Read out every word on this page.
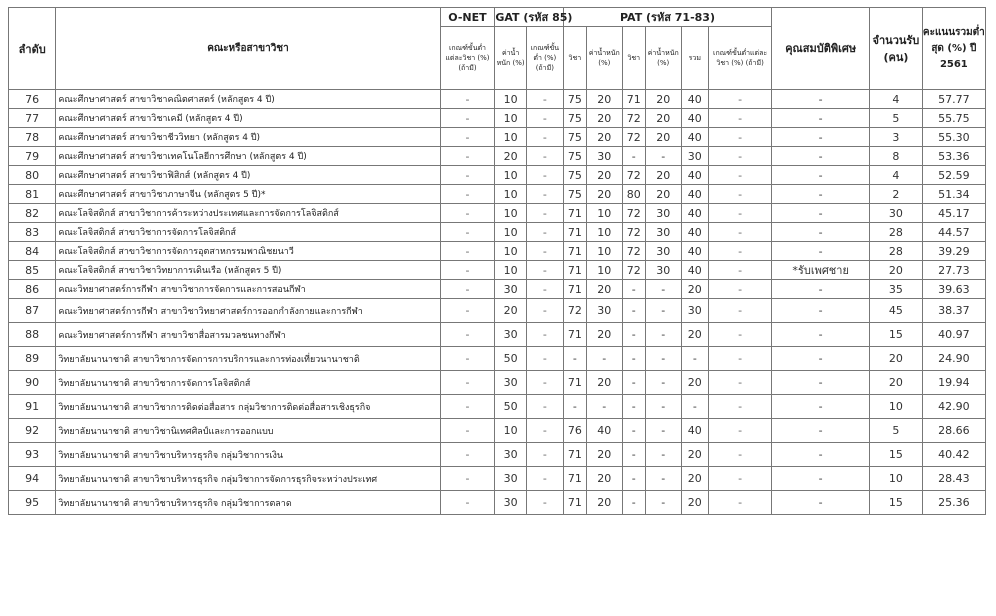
ลำดับ	คณะหรือสาขาวิชา	O-NET	GAT (รหัส 85)		PAT (รหัส 71-83)						คุณสมบัติพิเศษ	จำนวนรับ (คน)	คะแนนรวมต่ำสุด (%) ปี 2561
		เกณฑ์ขั้นต่ำแต่ละวิชา (%) (ถ้ามี)	ค่าน้ำหนัก (%)	เกณฑ์ขั้นต่ำ (%) (ถ้ามี)	วิชา	ค่าน้ำหนัก (%)	วิชา	ค่าน้ำหนัก (%)	รวม	เกณฑ์ขั้นต่ำแต่ละวิชา (%) (ถ้ามี)			
76	คณะศึกษาศาสตร์ สาขาวิชาคณิตศาสตร์ (หลักสูตร 4 ปี)	-	10	-	75	20	71	20	40	-	-	4	57.77
77	คณะศึกษาศาสตร์ สาขาวิชาเคมี (หลักสูตร 4 ปี)	-	10	-	75	20	72	20	40	-	-	5	55.75
78	คณะศึกษาศาสตร์ สาขาวิชาชีววิทยา (หลักสูตร 4 ปี)	-	10	-	75	20	72	20	40	-	-	3	55.30
79	คณะศึกษาศาสตร์ สาขาวิชาเทคโนโลยีการศึกษา (หลักสูตร 4 ปี)	-	20	-	75	30	-	-	30	-	-	8	53.36
80	คณะศึกษาศาสตร์ สาขาวิชาฟิสิกส์ (หลักสูตร 4 ปี)	-	10	-	75	20	72	20	40	-	-	4	52.59
81	คณะศึกษาศาสตร์ สาขาวิชาภาษาจีน (หลักสูตร 5 ปี)*	-	10	-	75	20	80	20	40	-	-	2	51.34
82	คณะโลจิสติกส์ สาขาวิชาการค้าระหว่างประเทศและการจัดการโลจิสติกส์	-	10	-	71	10	72	30	40	-	-	30	45.17
83	คณะโลจิสติกส์ สาขาวิชาการจัดการโลจิสติกส์	-	10	-	71	10	72	30	40	-	-	28	44.57
84	คณะโลจิสติกส์ สาขาวิชาการจัดการอุตสาหกรรมพาณิชยนาวี	-	10	-	71	10	72	30	40	-	-	28	39.29
85	คณะโลจิสติกส์ สาขาวิชาวิทยาการเดินเรือ (หลักสูตร 5 ปี)	-	10	-	71	10	72	30	40	-	*รับเพศชาย	20	27.73
86	คณะวิทยาศาสตร์การกีฬา สาขาวิชาการจัดการและการสอนกีฬา	-	30	-	71	20	-	-	20	-	-	35	39.63
87	คณะวิทยาศาสตร์การกีฬา สาขาวิชาวิทยาศาสตร์การออกกำลังกายและการกีฬา	-	20	-	72	30	-	-	30	-	-	45	38.37
88	คณะวิทยาศาสตร์การกีฬา สาขาวิชาสื่อสารมวลชนทางกีฬา	-	30	-	71	20	-	-	20	-	-	15	40.97
89	วิทยาลัยนานาชาติ สาขาวิชาการจัดการการบริการและการท่องเที่ยวนานาชาติ	-	50	-	-	-	-	-	-	-	-	20	24.90
90	วิทยาลัยนานาชาติ สาขาวิชาการจัดการโลจิสติกส์	-	30	-	71	20	-	-	20	-	-	20	19.94
91	วิทยาลัยนานาชาติ สาขาวิชาการติดต่อสื่อสาร กลุ่มวิชาการติดต่อสื่อสารเชิงธุรกิจ	-	50	-	-	-	-	-	-	-	-	10	42.90
92	วิทยาลัยนานาชาติ สาขาวิชานิเทศศิลป์และการออกแบบ	-	10	-	76	40	-	-	40	-	-	5	28.66
93	วิทยาลัยนานาชาติ สาขาวิชาบริหารธุรกิจ กลุ่มวิชาการเงิน	-	30	-	71	20	-	-	20	-	-	15	40.42
94	วิทยาลัยนานาชาติ สาขาวิชาบริหารธุรกิจ กลุ่มวิชาการจัดการธุรกิจระหว่างประเทศ	-	30	-	71	20	-	-	20	-	-	10	28.43
95	วิทยาลัยนานาชาติ สาขาวิชาบริหารธุรกิจ กลุ่มวิชาการตลาด	-	30	-	71	20	-	-	20	-	-	15	25.36
